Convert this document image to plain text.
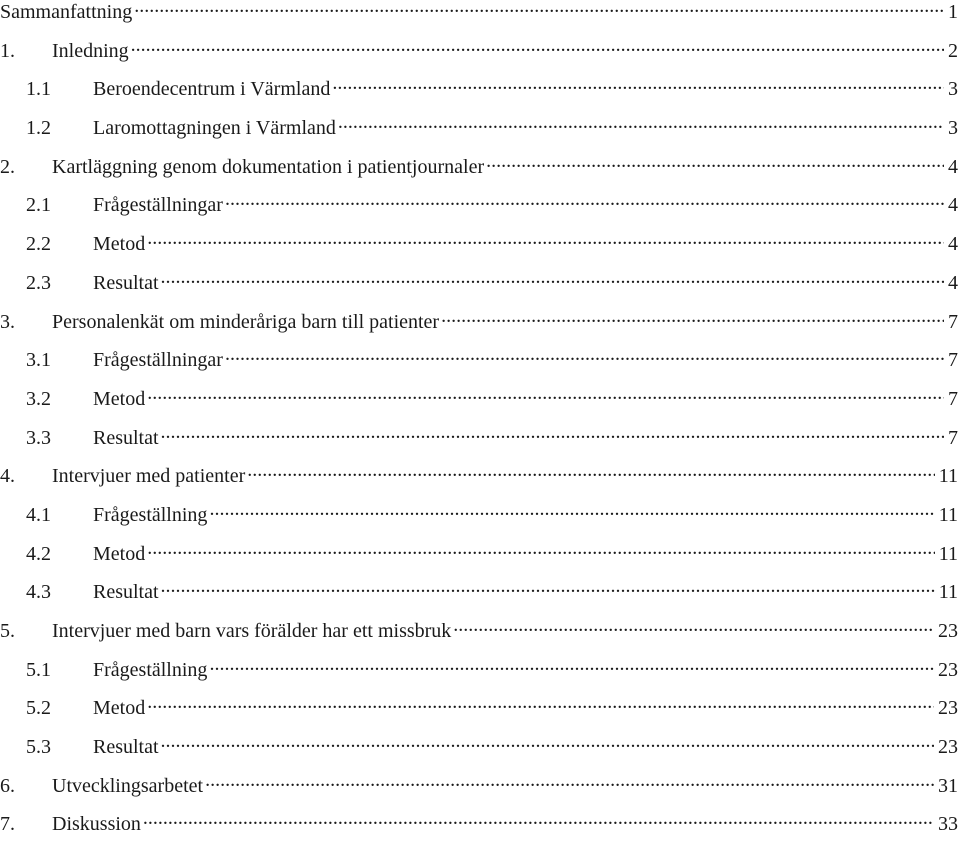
Sammanfattning .....	1
1.	Inledning .....	2
1.1	Beroendecentrum i Värmland .....	3
1.2	Laromottagningen i Värmland .....	3
2.	Kartläggning genom dokumentation i patientjournaler .....	4
2.1	Frågeställningar .....	4
2.2	Metod .....	4
2.3	Resultat .....	4
3.	Personalenkät om minderåriga barn till patienter .....	7
3.1	Frågeställningar .....	7
3.2	Metod .....	7
3.3	Resultat .....	7
4.	Intervjuer med patienter .....	11
4.1	Frågeställning .....	11
4.2	Metod .....	11
4.3	Resultat .....	11
5.	Intervjuer med barn vars förälder har ett missbruk .....	23
5.1	Frågeställning .....	23
5.2	Metod .....	23
5.3	Resultat .....	23
6.	Utvecklingsarbetet .....	31
7.	Diskussion .....	33
